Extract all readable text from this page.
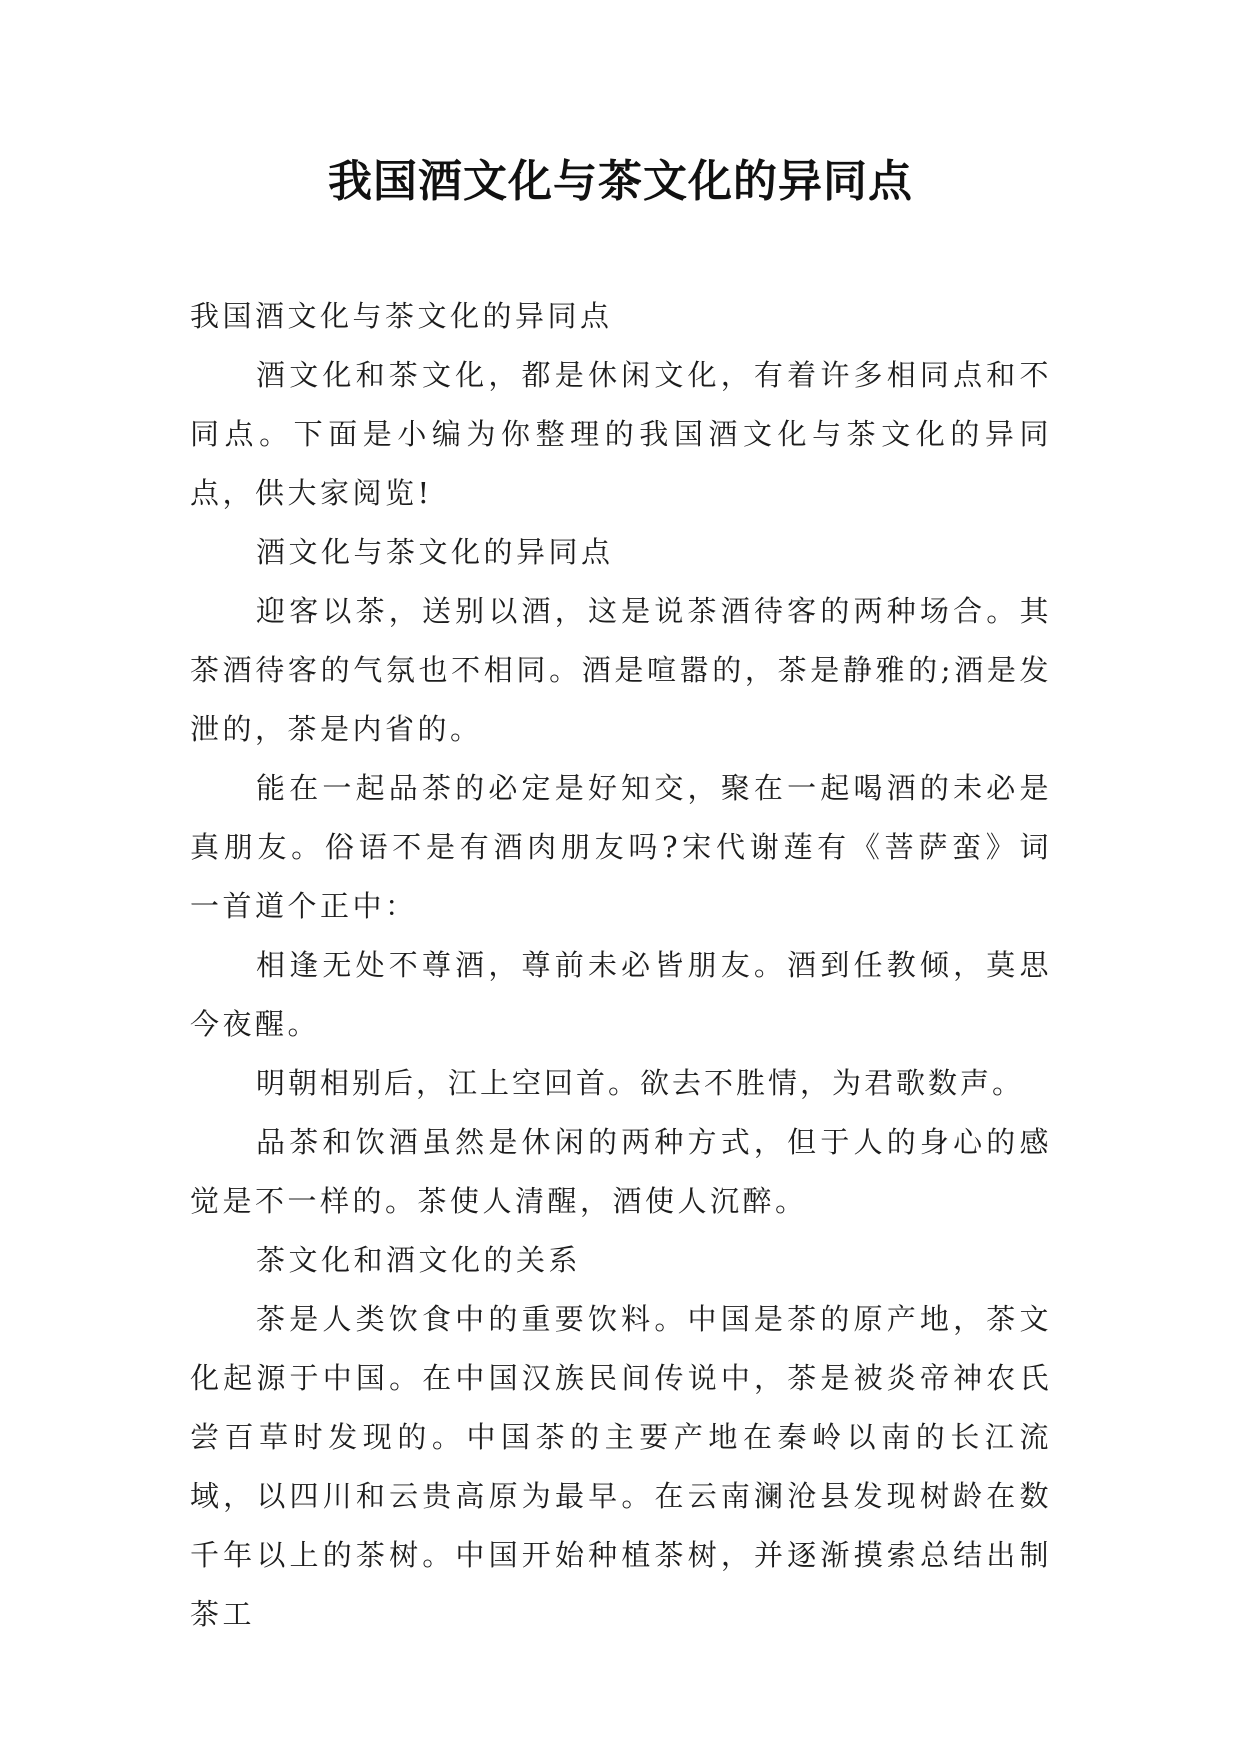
我国酒文化与茶文化的异同点

我国酒文化与茶文化的异同点

酒文化和茶文化，都是休闲文化，有着许多相同点和不同点。下面是小编为你整理的我国酒文化与茶文化的异同点，供大家阅览!

酒文化与茶文化的异同点

迎客以茶，送别以酒，这是说茶酒待客的两种场合。其茶酒待客的气氛也不相同。酒是喧嚣的，茶是静雅的;酒是发泄的，茶是内省的。

能在一起品茶的必定是好知交，聚在一起喝酒的未必是真朋友。俗语不是有酒肉朋友吗?宋代谢莲有《菩萨蛮》词一首道个正中：

相逢无处不尊酒，尊前未必皆朋友。酒到任教倾，莫思今夜醒。

明朝相别后，江上空回首。欲去不胜情，为君歌数声。

品茶和饮酒虽然是休闲的两种方式，但于人的身心的感觉是不一样的。茶使人清醒，酒使人沉醉。

茶文化和酒文化的关系

茶是人类饮食中的重要饮料。中国是茶的原产地，茶文化起源于中国。在中国汉族民间传说中，茶是被炎帝神农氏尝百草时发现的。中国茶的主要产地在秦岭以南的长江流域，以四川和云贵高原为最早。在云南澜沧县发现树龄在数千年以上的茶树。中国开始种植茶树，并逐渐摸索总结出制茶工
